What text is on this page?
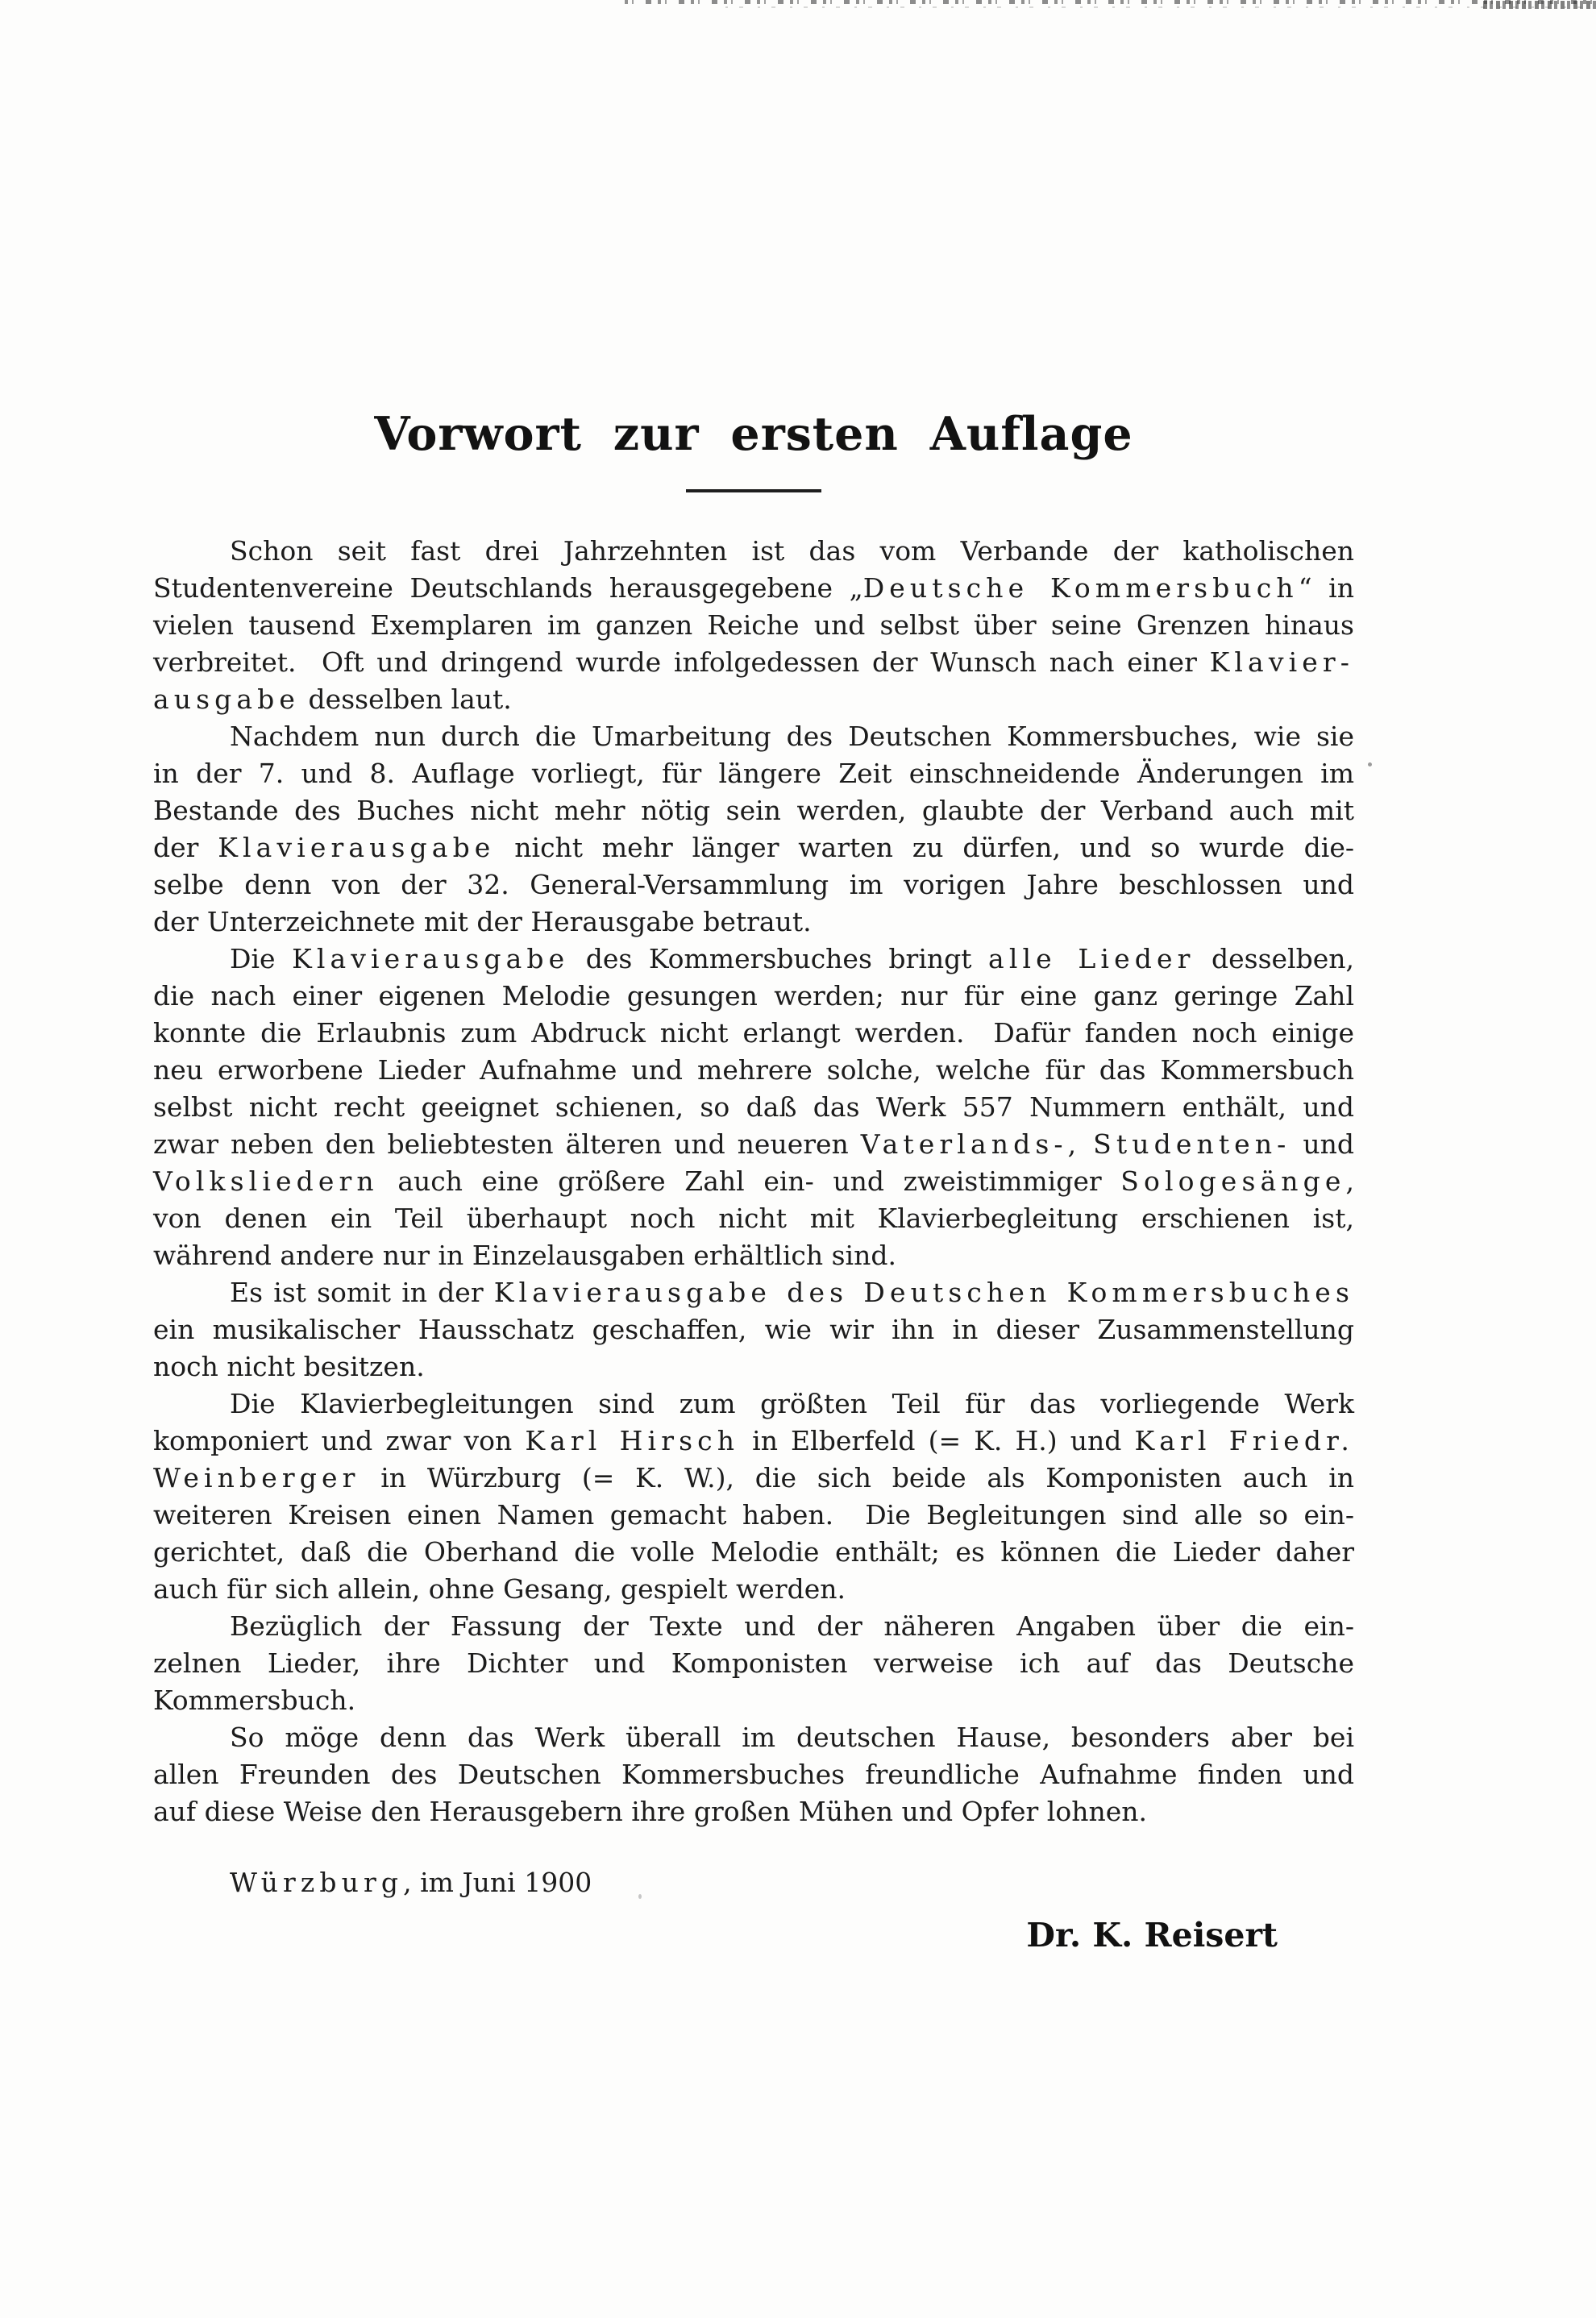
Vorwort zur ersten Auflage

Schon seit fast drei Jahrzehnten ist das vom Verbande der katholischen
Studentenvereine Deutschlands herausgegebene „Deutsche Kommersbuch“ in
vielen tausend Exemplaren im ganzen Reiche und selbst über seine Grenzen hinaus
verbreitet.  Oft und dringend wurde infolgedessen der Wunsch nach einer Klavier-
ausgabe desselben laut.

Nachdem nun durch die Umarbeitung des Deutschen Kommersbuches, wie sie
in der 7. und 8. Auflage vorliegt, für längere Zeit einschneidende Änderungen im
Bestande des Buches nicht mehr nötig sein werden, glaubte der Verband auch mit
der Klavierausgabe nicht mehr länger warten zu dürfen, und so wurde die-
selbe denn von der 32. General-Versammlung im vorigen Jahre beschlossen und
der Unterzeichnete mit der Herausgabe betraut.

Die Klavierausgabe des Kommersbuches bringt alle Lieder desselben,
die nach einer eigenen Melodie gesungen werden; nur für eine ganz geringe Zahl
konnte die Erlaubnis zum Abdruck nicht erlangt werden.  Dafür fanden noch einige
neu erworbene Lieder Aufnahme und mehrere solche, welche für das Kommersbuch
selbst nicht recht geeignet schienen, so daß das Werk 557 Nummern enthält, und
zwar neben den beliebtesten älteren und neueren Vaterlands-, Studenten- und
Volksliedern auch eine größere Zahl ein- und zweistimmiger Sologesänge,
von denen ein Teil überhaupt noch nicht mit Klavierbegleitung erschienen ist,
während andere nur in Einzelausgaben erhältlich sind.

Es ist somit in der Klavierausgabe des Deutschen Kommersbuches
ein musikalischer Hausschatz geschaffen, wie wir ihn in dieser Zusammenstellung
noch nicht besitzen.

Die Klavierbegleitungen sind zum größten Teil für das vorliegende Werk
komponiert und zwar von Karl Hirsch in Elberfeld (= K. H.) und Karl Friedr.
Weinberger in Würzburg (= K. W.), die sich beide als Komponisten auch in
weiteren Kreisen einen Namen gemacht haben.  Die Begleitungen sind alle so ein-
gerichtet, daß die Oberhand die volle Melodie enthält; es können die Lieder daher
auch für sich allein, ohne Gesang, gespielt werden.

Bezüglich der Fassung der Texte und der näheren Angaben über die ein-
zelnen Lieder, ihre Dichter und Komponisten verweise ich auf das Deutsche
Kommersbuch.

So möge denn das Werk überall im deutschen Hause, besonders aber bei
allen Freunden des Deutschen Kommersbuches freundliche Aufnahme finden und
auf diese Weise den Herausgebern ihre großen Mühen und Opfer lohnen.

Würzburg, im Juni 1900
Dr. K. Reisert
